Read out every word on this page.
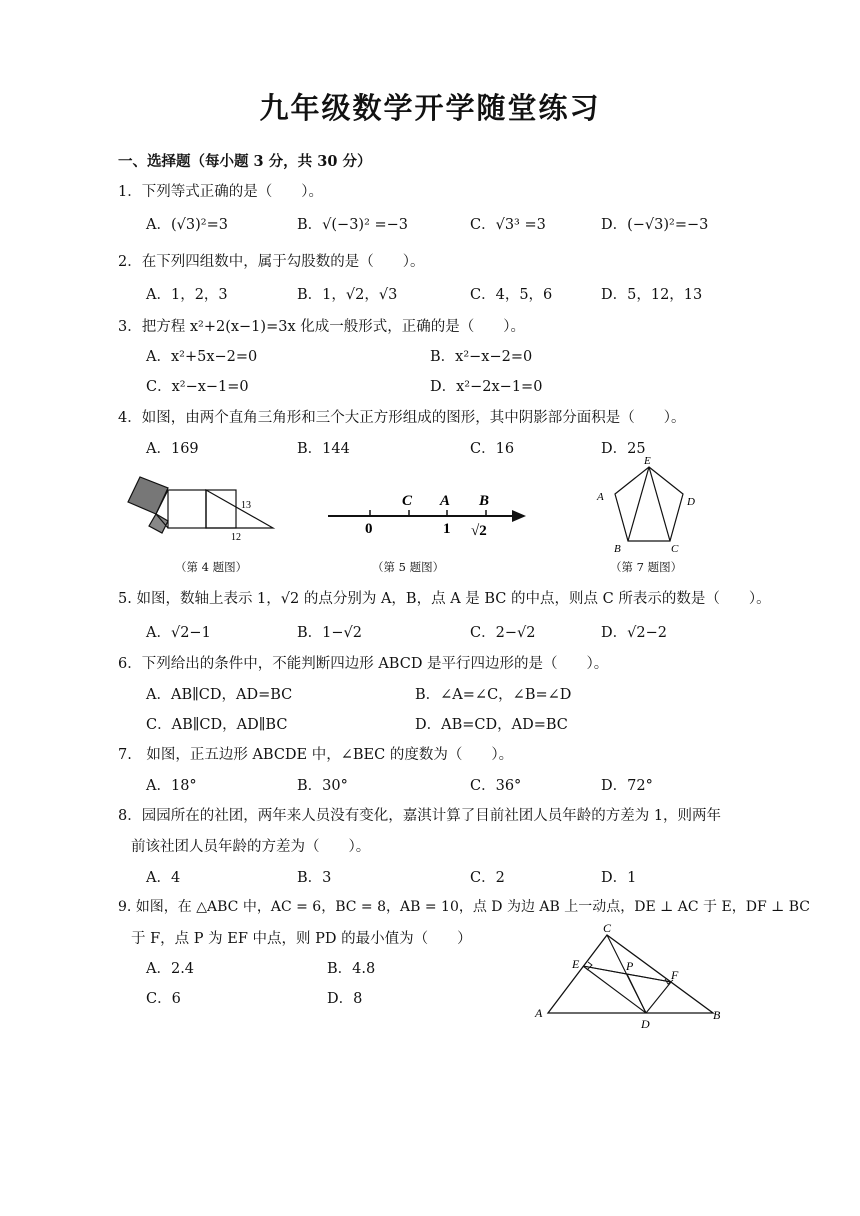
九年级数学开学随堂练习
一、选择题（每小题 3 分，共 30 分）
1．下列等式正确的是（　　）。
A．(√3)²=3	B．√(−3)² =−3	C．√3³ =3	D．(−√3)²=−3
2．在下列四组数中，属于勾股数的是（　　）。
A．1，2，3	B．1，√2，√3	C．4，5，6	D．5，12，13
3．把方程 x²+2(x−1)=3x 化成一般形式，正确的是（　　）。
A．x²+5x−2=0	B．x²−x−2=0
C．x²−x−1=0	D．x²−2x−1=0
4．如图，由两个直角三角形和三个大正方形组成的图形，其中阴影部分面积是（　　）。
A．169	B．144	C．16	D．25
13
12
（第 4 题图）
C A B
0	1 √2
（第 5 题图）
E
A	D
B	C
（第 7 题图）
5. 如图，数轴上表示 1，√2 的点分别为 A，B，点 A 是 BC 的中点，则点 C 所表示的数是（　　）。
A．√2−1	B．1−√2	C．2−√2	D．√2−2
6．下列给出的条件中，不能判断四边形 ABCD 是平行四边形的是（　　）。
A．AB∥CD，AD=BC	B．∠A=∠C，∠B=∠D
C．AB∥CD，AD∥BC	D．AB=CD，AD=BC
7.　如图，正五边形 ABCDE 中，∠BEC 的度数为（　　）。
A．18°	B．30°	C．36°	D．72°
8．园园所在的社团，两年来人员没有变化，嘉淇计算了目前社团人员年龄的方差为 1，则两年
前该社团人员年龄的方差为（　　）。
A．4	B．3	C．2	D．1
9. 如图，在 △ABC 中，AC = 6，BC = 8，AB = 10，点 D 为边 AB 上一动点，DE ⊥ AC 于 E，DF ⊥ BC
于 F，点 P 为 EF 中点，则 PD 的最小值为（　　）
A．2.4	B．4.8
C．6	D．8
A	B
C
D
E
F
P
